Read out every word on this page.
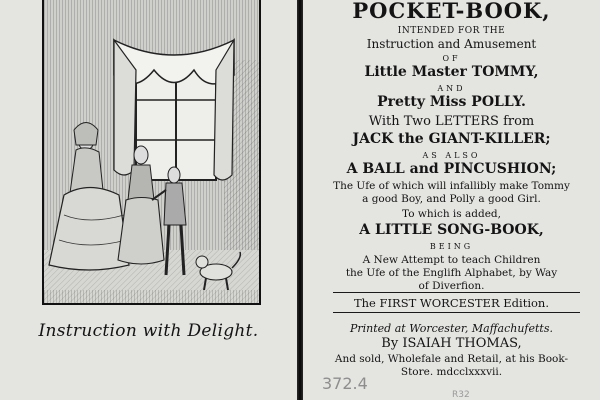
Instruction with Delight.
POCKET-BOOK,
INTENDED FOR THE
Instruction and Amusement
OF
Little Master TOMMY,
AND
Pretty Miss POLLY.
With Two LETTERS from
JACK the GIANT-KILLER;
AS ALSO
A BALL and PINCUSHION;
The Ufe of which will infallibly make Tommy
a good Boy, and Polly a good Girl.
To which is added,
A LITTLE SONG-BOOK,
BEING
A New Attempt to teach Children
the Ufe of the Englifh Alphabet, by Way
of Diverfion.
The FIRST WORCESTER Edition.
Printed at Worcester, Maffachufetts.
By ISAIAH THOMAS,
And sold, Wholefale and Retail, at his Book-
Store. mdcclxxxvii.
372.4
R32
